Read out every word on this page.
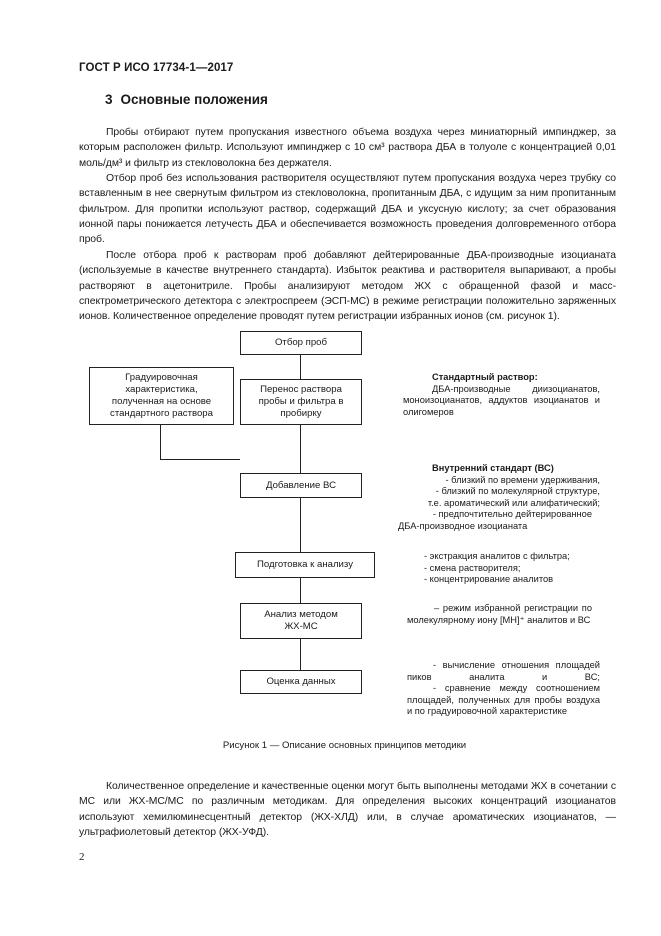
ГОСТ Р ИСО 17734-1—2017
3 Основные положения

Пробы отбирают путем пропускания известного объема воздуха через миниатюрный импинджер, за которым расположен фильтр. Используют импинджер с 10 см³ раствора ДБА в толуоле с концентрацией 0,01 моль/дм³ и фильтр из стекловолокна без держателя.

Отбор проб без использования растворителя осуществляют путем пропускания воздуха через трубку со вставленным в нее свернутым фильтром из стекловолокна, пропитанным ДБА, с идущим за ним пропитанным фильтром. Для пропитки используют раствор, содержащий ДБА и уксусную кислоту; за счет образования ионной пары понижается летучесть ДБА и обеспечивается возможность проведения долговременного отбора проб.

После отбора проб к растворам проб добавляют дейтерированные ДБА-производные изоцианата (используемые в качестве внутреннего стандарта). Избыток реактива и растворителя выпаривают, а пробы растворяют в ацетонитриле. Пробы анализируют методом ЖХ с обращенной фазой и масс-спектрометрического детектора с электроспреем (ЭСП-МС) в режиме регистрации положительно заряженных ионов. Количественное определение проводят путем регистрации избранных ионов (см. рисунок 1).

Отбор проб
Градуировочная характеристика, полученная на основе стандартного раствора
Перенос раствора пробы и фильтра в пробирку
Добавление ВС
Подготовка к анализу
Анализ методом ЖХ-МС
Оценка данных
Стандартный раствор:
ДБА-производные диизоцианатов, моноизоцианатов, аддуктов изоцианатов и олигомеров
Внутренний стандарт (ВС)
- близкий по времени удерживания,
- близкий по молекулярной структуре,
т.е. ароматический или алифатический;
- предпочтительно дейтерированное
ДБА-производное изоцианата
- экстракция аналитов с фильтра;
- смена растворителя;
- концентрирование аналитов
– режим избранной регистрации по молекулярному иону [MH]⁺ аналитов и ВС
- вычисление отношения площадей пиков аналита и ВС;
- сравнение между соотношением площадей, полученных для пробы воздуха и по градуировочной характеристике
Рисунок 1 — Описание основных принципов методики

Количественное определение и качественные оценки могут быть выполнены методами ЖХ в сочетании с МС или ЖХ-МС/МС по различным методикам. Для определения высоких концентраций изоцианатов используют хемилюминесцентный детектор (ЖХ-ХЛД) или, в случае ароматических изоцианатов, — ультрафиолетовый детектор (ЖХ-УФД).

2
